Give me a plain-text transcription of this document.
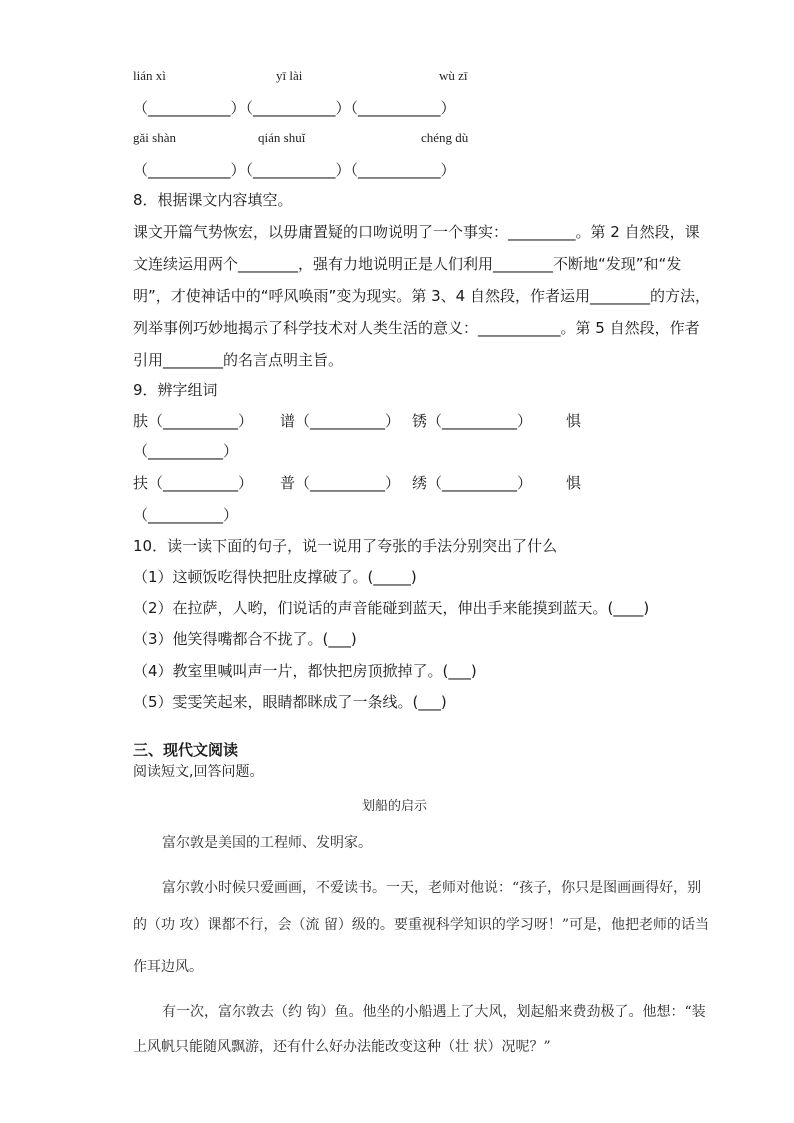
lián xì	yī lài	wù zī
（___________）（___________）（___________）
gǎi shàn	qián shuǐ	chéng dù
（___________）（___________）（___________）
8．根据课文内容填空。
课文开篇气势恢宏，以毋庸置疑的口吻说明了一个事实：_________。第 2 自然段，课
文连续运用两个________，强有力地说明正是人们利用________不断地“发现”和“发
明”，才使神话中的“呼风唤雨”变为现实。第 3、4 自然段，作者运用________的方法，
列举事例巧妙地揭示了科学技术对人类生活的意义：___________。第 5 自然段，作者
引用________的名言点明主旨。
9．辨字组词
肤（__________） 谱（__________） 锈（__________） 惧
（__________）
扶（__________） 普（__________） 绣（__________） 惧
（__________）
10．读一读下面的句子，说一说用了夸张的手法分别突出了什么
（1）这顿饭吃得快把肚皮撑破了。(_____)
（2）在拉萨，人哟，们说话的声音能碰到蓝天，伸出手来能摸到蓝天。(____)
（3）他笑得嘴都合不拢了。(___)
（4）教室里喊叫声一片，都快把房顶掀掉了。(___)
（5）雯雯笑起来，眼睛都眯成了一条线。(___)
三、现代文阅读
阅读短文,回答问题。
划船的启示
富尔敦是美国的工程师、发明家。
富尔敦小时候只爱画画，不爱读书。一天，老师对他说：“孩子，你只是图画画得好，别
的（功 攻）课都不行，会（流 留）级的。要重视科学知识的学习呀！”可是，他把老师的话当
作耳边风。
有一次，富尔敦去（约 钩）鱼。他坐的小船遇上了大风，划起船来费劲极了。他想：“装
上风帆只能随风飘游，还有什么好办法能改变这种（壮 状）况呢？”
